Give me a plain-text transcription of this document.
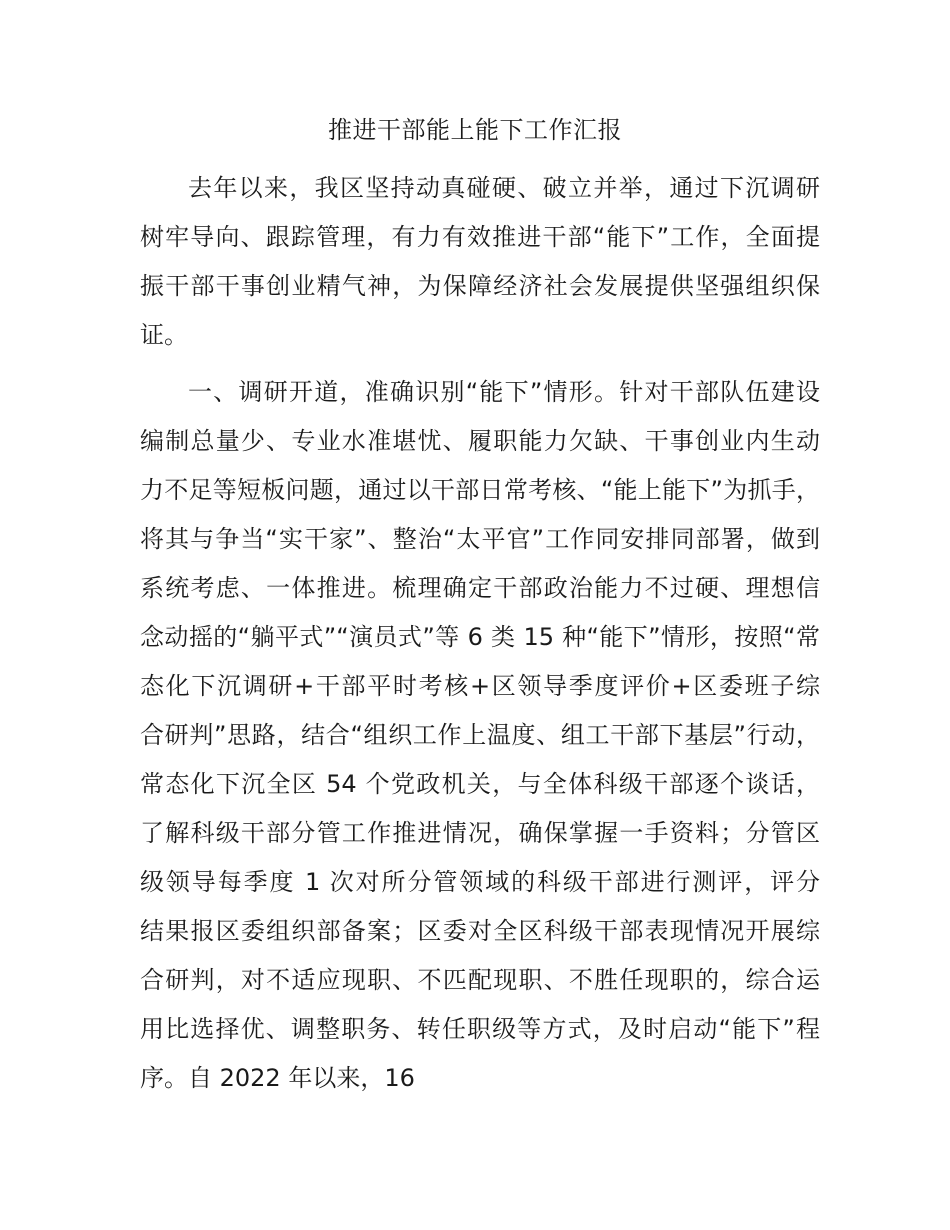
推进干部能上能下工作汇报
去年以来，我区坚持动真碰硬、破立并举，通过下沉调研
树牢导向、跟踪管理，有力有效推进干部“能下”工作，全面提
振干部干事创业精气神，为保障经济社会发展提供坚强组织保
证。
一、调研开道，准确识别“能下”情形。针对干部队伍建设
编制总量少、专业水准堪忧、履职能力欠缺、干事创业内生动
力不足等短板问题，通过以干部日常考核、“能上能下”为抓手，
将其与争当“实干家”、整治“太平官”工作同安排同部署，做到
系统考虑、一体推进。梳理确定干部政治能力不过硬、理想信
念动摇的“躺平式”“演员式”等 6 类 15 种“能下”情形，按照“常
态化下沉调研+干部平时考核+区领导季度评价+区委班子综
合研判”思路，结合“组织工作上温度、组工干部下基层”行动，
常态化下沉全区 54 个党政机关，与全体科级干部逐个谈话，
了解科级干部分管工作推进情况，确保掌握一手资料；分管区
级领导每季度 1 次对所分管领域的科级干部进行测评，评分
结果报区委组织部备案；区委对全区科级干部表现情况开展综
合研判，对不适应现职、不匹配现职、不胜任现职的，综合运
用比选择优、调整职务、转任职级等方式，及时启动“能下”程
序。自 2022 年以来，16
